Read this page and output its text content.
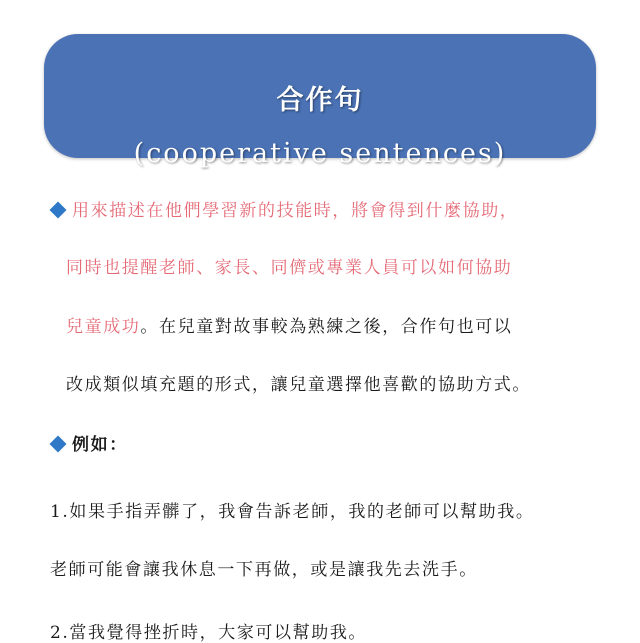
合作句
(cooperative sentences)
用來描述在他們學習新的技能時，將會得到什麼協助，
同時也提醒老師、家長、同儕或專業人員可以如何協助
兒童成功。在兒童對故事較為熟練之後，合作句也可以
改成類似填充題的形式，讓兒童選擇他喜歡的協助方式。
例如：
1.如果手指弄髒了，我會告訴老師，我的老師可以幫助我。
老師可能會讓我休息一下再做，或是讓我先去洗手。
2.當我覺得挫折時，大家可以幫助我。
